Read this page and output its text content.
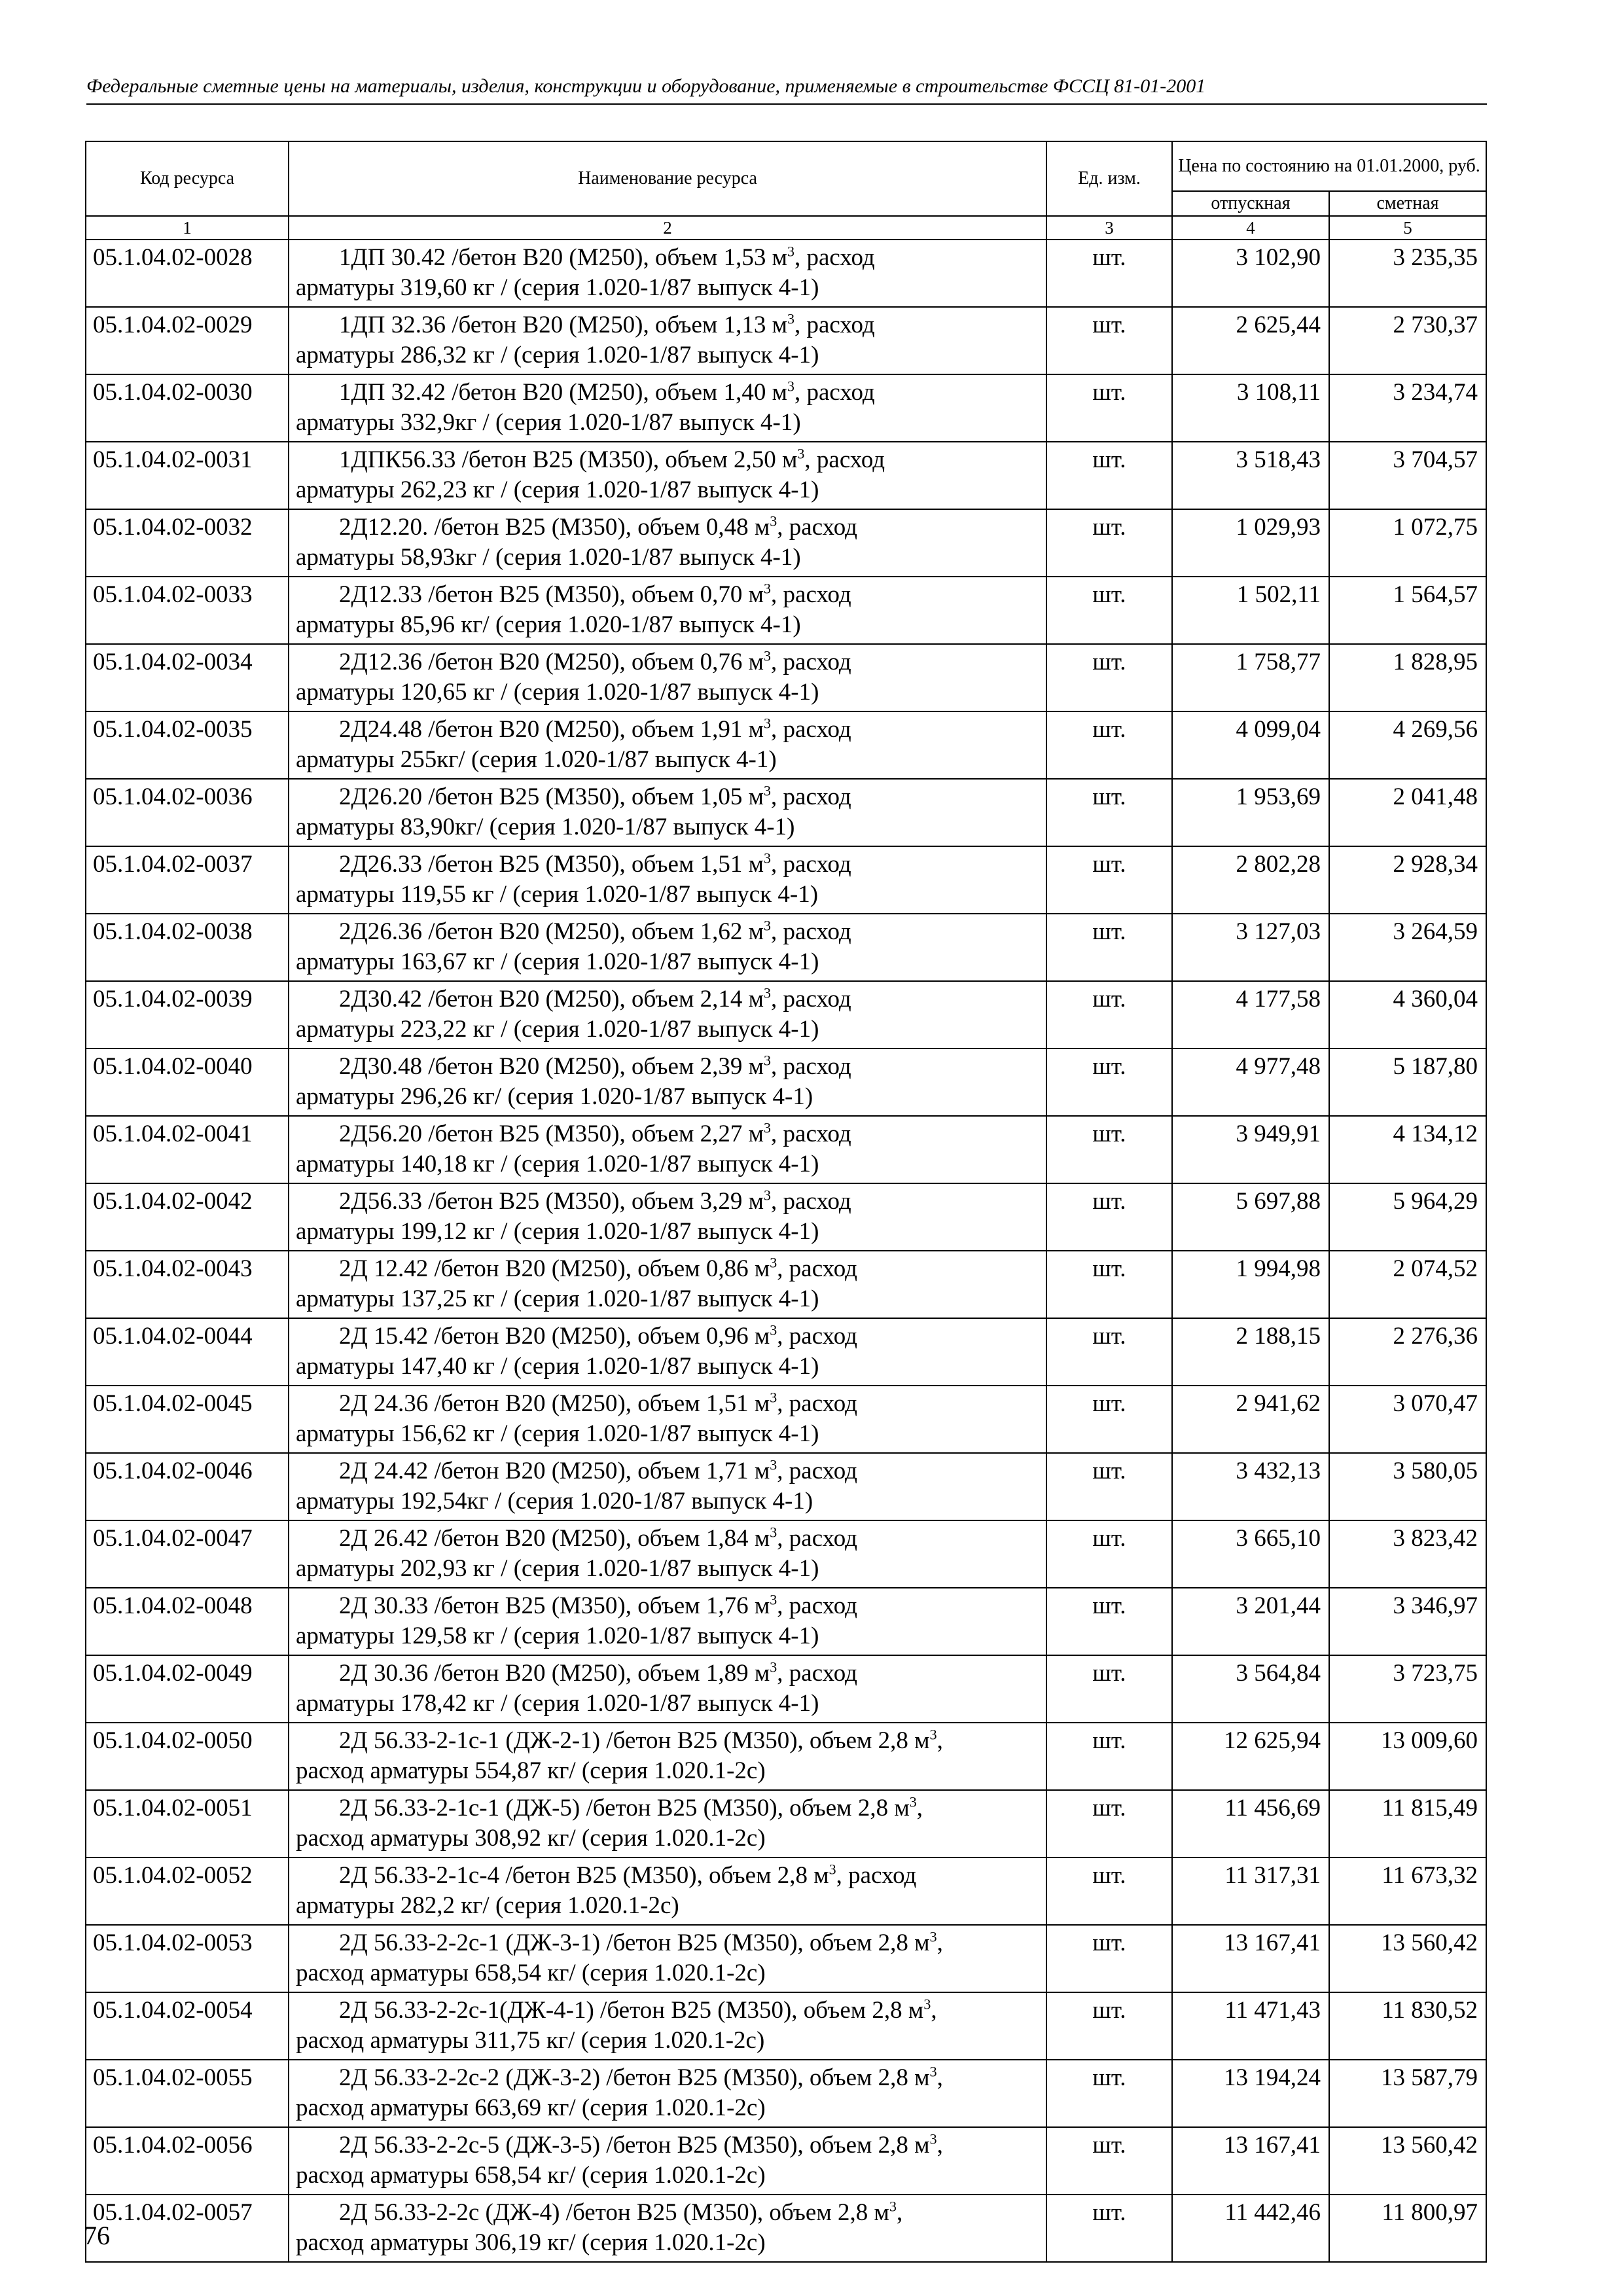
Федеральные сметные цены на материалы, изделия, конструкции и оборудование, применяемые в строительстве ФССЦ 81-01-2001
Код ресурса	Наименование ресурса	Ед. изм.	Цена по состоянию на 01.01.2000, руб.	
			отпускная	сметная
1	2	3	4	5
05.1.04.02-0028	1ДП 30.42 /бетон В20 (М250), объем 1,53 $м^3$, расход
арматуры 319,60 кг / (серия 1.020-1/87 выпуск 4-1)	шт.	3 102,90	3 235,35
05.1.04.02-0029	1ДП 32.36 /бетон В20 (М250), объем 1,13 $м^3$, расход
арматуры 286,32 кг / (серия 1.020-1/87 выпуск 4-1)	шт.	2 625,44	2 730,37
05.1.04.02-0030	1ДП 32.42 /бетон В20 (М250), объем 1,40 $м^3$, расход
арматуры 332,9кг / (серия 1.020-1/87 выпуск 4-1)	шт.	3 108,11	3 234,74
05.1.04.02-0031	1ДПК56.33 /бетон В25 (М350), объем 2,50 $м^3$, расход
арматуры 262,23 кг / (серия 1.020-1/87 выпуск 4-1)	шт.	3 518,43	3 704,57
05.1.04.02-0032	2Д12.20. /бетон В25 (М350), объем 0,48 $м^3$, расход
арматуры 58,93кг / (серия 1.020-1/87 выпуск 4-1)	шт.	1 029,93	1 072,75
05.1.04.02-0033	2Д12.33 /бетон В25 (М350), объем 0,70 $м^3$, расход
арматуры 85,96 кг/ (серия 1.020-1/87 выпуск 4-1)	шт.	1 502,11	1 564,57
05.1.04.02-0034	2Д12.36 /бетон В20 (М250), объем 0,76 $м^3$, расход
арматуры 120,65 кг / (серия 1.020-1/87 выпуск 4-1)	шт.	1 758,77	1 828,95
05.1.04.02-0035	2Д24.48 /бетон В20 (М250), объем 1,91 $м^3$, расход
арматуры 255кг/ (серия 1.020-1/87 выпуск 4-1)	шт.	4 099,04	4 269,56
05.1.04.02-0036	2Д26.20 /бетон В25 (М350), объем 1,05 $м^3$, расход
арматуры 83,90кг/ (серия 1.020-1/87 выпуск 4-1)	шт.	1 953,69	2 041,48
05.1.04.02-0037	2Д26.33 /бетон В25 (М350), объем 1,51 $м^3$, расход
арматуры 119,55 кг / (серия 1.020-1/87 выпуск 4-1)	шт.	2 802,28	2 928,34
05.1.04.02-0038	2Д26.36 /бетон В20 (М250), объем 1,62 $м^3$, расход
арматуры 163,67 кг / (серия 1.020-1/87 выпуск 4-1)	шт.	3 127,03	3 264,59
05.1.04.02-0039	2Д30.42 /бетон В20 (М250), объем 2,14 $м^3$, расход
арматуры 223,22 кг / (серия 1.020-1/87 выпуск 4-1)	шт.	4 177,58	4 360,04
05.1.04.02-0040	2Д30.48 /бетон В20 (М250), объем 2,39 $м^3$, расход
арматуры 296,26 кг/ (серия 1.020-1/87 выпуск 4-1)	шт.	4 977,48	5 187,80
05.1.04.02-0041	2Д56.20 /бетон В25 (М350), объем 2,27 $м^3$, расход
арматуры 140,18 кг / (серия 1.020-1/87 выпуск 4-1)	шт.	3 949,91	4 134,12
05.1.04.02-0042	2Д56.33 /бетон В25 (М350), объем 3,29 $м^3$, расход
арматуры 199,12 кг / (серия 1.020-1/87 выпуск 4-1)	шт.	5 697,88	5 964,29
05.1.04.02-0043	2Д 12.42 /бетон В20 (М250), объем 0,86 $м^3$, расход
арматуры 137,25 кг / (серия 1.020-1/87 выпуск 4-1)	шт.	1 994,98	2 074,52
05.1.04.02-0044	2Д 15.42 /бетон В20 (М250), объем 0,96 $м^3$, расход
арматуры 147,40 кг / (серия 1.020-1/87 выпуск 4-1)	шт.	2 188,15	2 276,36
05.1.04.02-0045	2Д 24.36 /бетон В20 (М250), объем 1,51 $м^3$, расход
арматуры 156,62 кг / (серия 1.020-1/87 выпуск 4-1)	шт.	2 941,62	3 070,47
05.1.04.02-0046	2Д 24.42 /бетон В20 (М250), объем 1,71 $м^3$, расход
арматуры 192,54кг / (серия 1.020-1/87 выпуск 4-1)	шт.	3 432,13	3 580,05
05.1.04.02-0047	2Д 26.42 /бетон В20 (М250), объем 1,84 $м^3$, расход
арматуры 202,93 кг / (серия 1.020-1/87 выпуск 4-1)	шт.	3 665,10	3 823,42
05.1.04.02-0048	2Д 30.33 /бетон В25 (М350), объем 1,76 $м^3$, расход
арматуры 129,58 кг / (серия 1.020-1/87 выпуск 4-1)	шт.	3 201,44	3 346,97
05.1.04.02-0049	2Д 30.36 /бетон В20 (М250), объем 1,89 $м^3$, расход
арматуры 178,42 кг / (серия 1.020-1/87 выпуск 4-1)	шт.	3 564,84	3 723,75
05.1.04.02-0050	2Д 56.33-2-1с-1 (ДЖ-2-1) /бетон В25 (М350), объем 2,8 $м^3$,
расход арматуры 554,87 кг/ (серия 1.020.1-2с)	шт.	12 625,94	13 009,60
05.1.04.02-0051	2Д 56.33-2-1с-1 (ДЖ-5) /бетон В25 (М350), объем 2,8 $м^3$,
расход арматуры 308,92 кг/ (серия 1.020.1-2с)	шт.	11 456,69	11 815,49
05.1.04.02-0052	2Д 56.33-2-1с-4 /бетон В25 (М350), объем 2,8 $м^3$, расход
арматуры 282,2 кг/ (серия 1.020.1-2с)	шт.	11 317,31	11 673,32
05.1.04.02-0053	2Д 56.33-2-2с-1 (ДЖ-3-1) /бетон В25 (М350), объем 2,8 $м^3$,
расход арматуры 658,54 кг/ (серия 1.020.1-2с)	шт.	13 167,41	13 560,42
05.1.04.02-0054	2Д 56.33-2-2с-1(ДЖ-4-1) /бетон В25 (М350), объем 2,8 $м^3$,
расход арматуры 311,75 кг/ (серия 1.020.1-2с)	шт.	11 471,43	11 830,52
05.1.04.02-0055	2Д 56.33-2-2с-2 (ДЖ-3-2) /бетон В25 (М350), объем 2,8 $м^3$,
расход арматуры 663,69 кг/ (серия 1.020.1-2с)	шт.	13 194,24	13 587,79
05.1.04.02-0056	2Д 56.33-2-2с-5 (ДЖ-3-5) /бетон В25 (М350), объем 2,8 $м^3$,
расход арматуры 658,54 кг/ (серия 1.020.1-2с)	шт.	13 167,41	13 560,42
05.1.04.02-0057	2Д 56.33-2-2с (ДЖ-4) /бетон В25 (М350), объем 2,8 $м^3$,
расход арматуры 306,19 кг/ (серия 1.020.1-2с)	шт.	11 442,46	11 800,97
76
